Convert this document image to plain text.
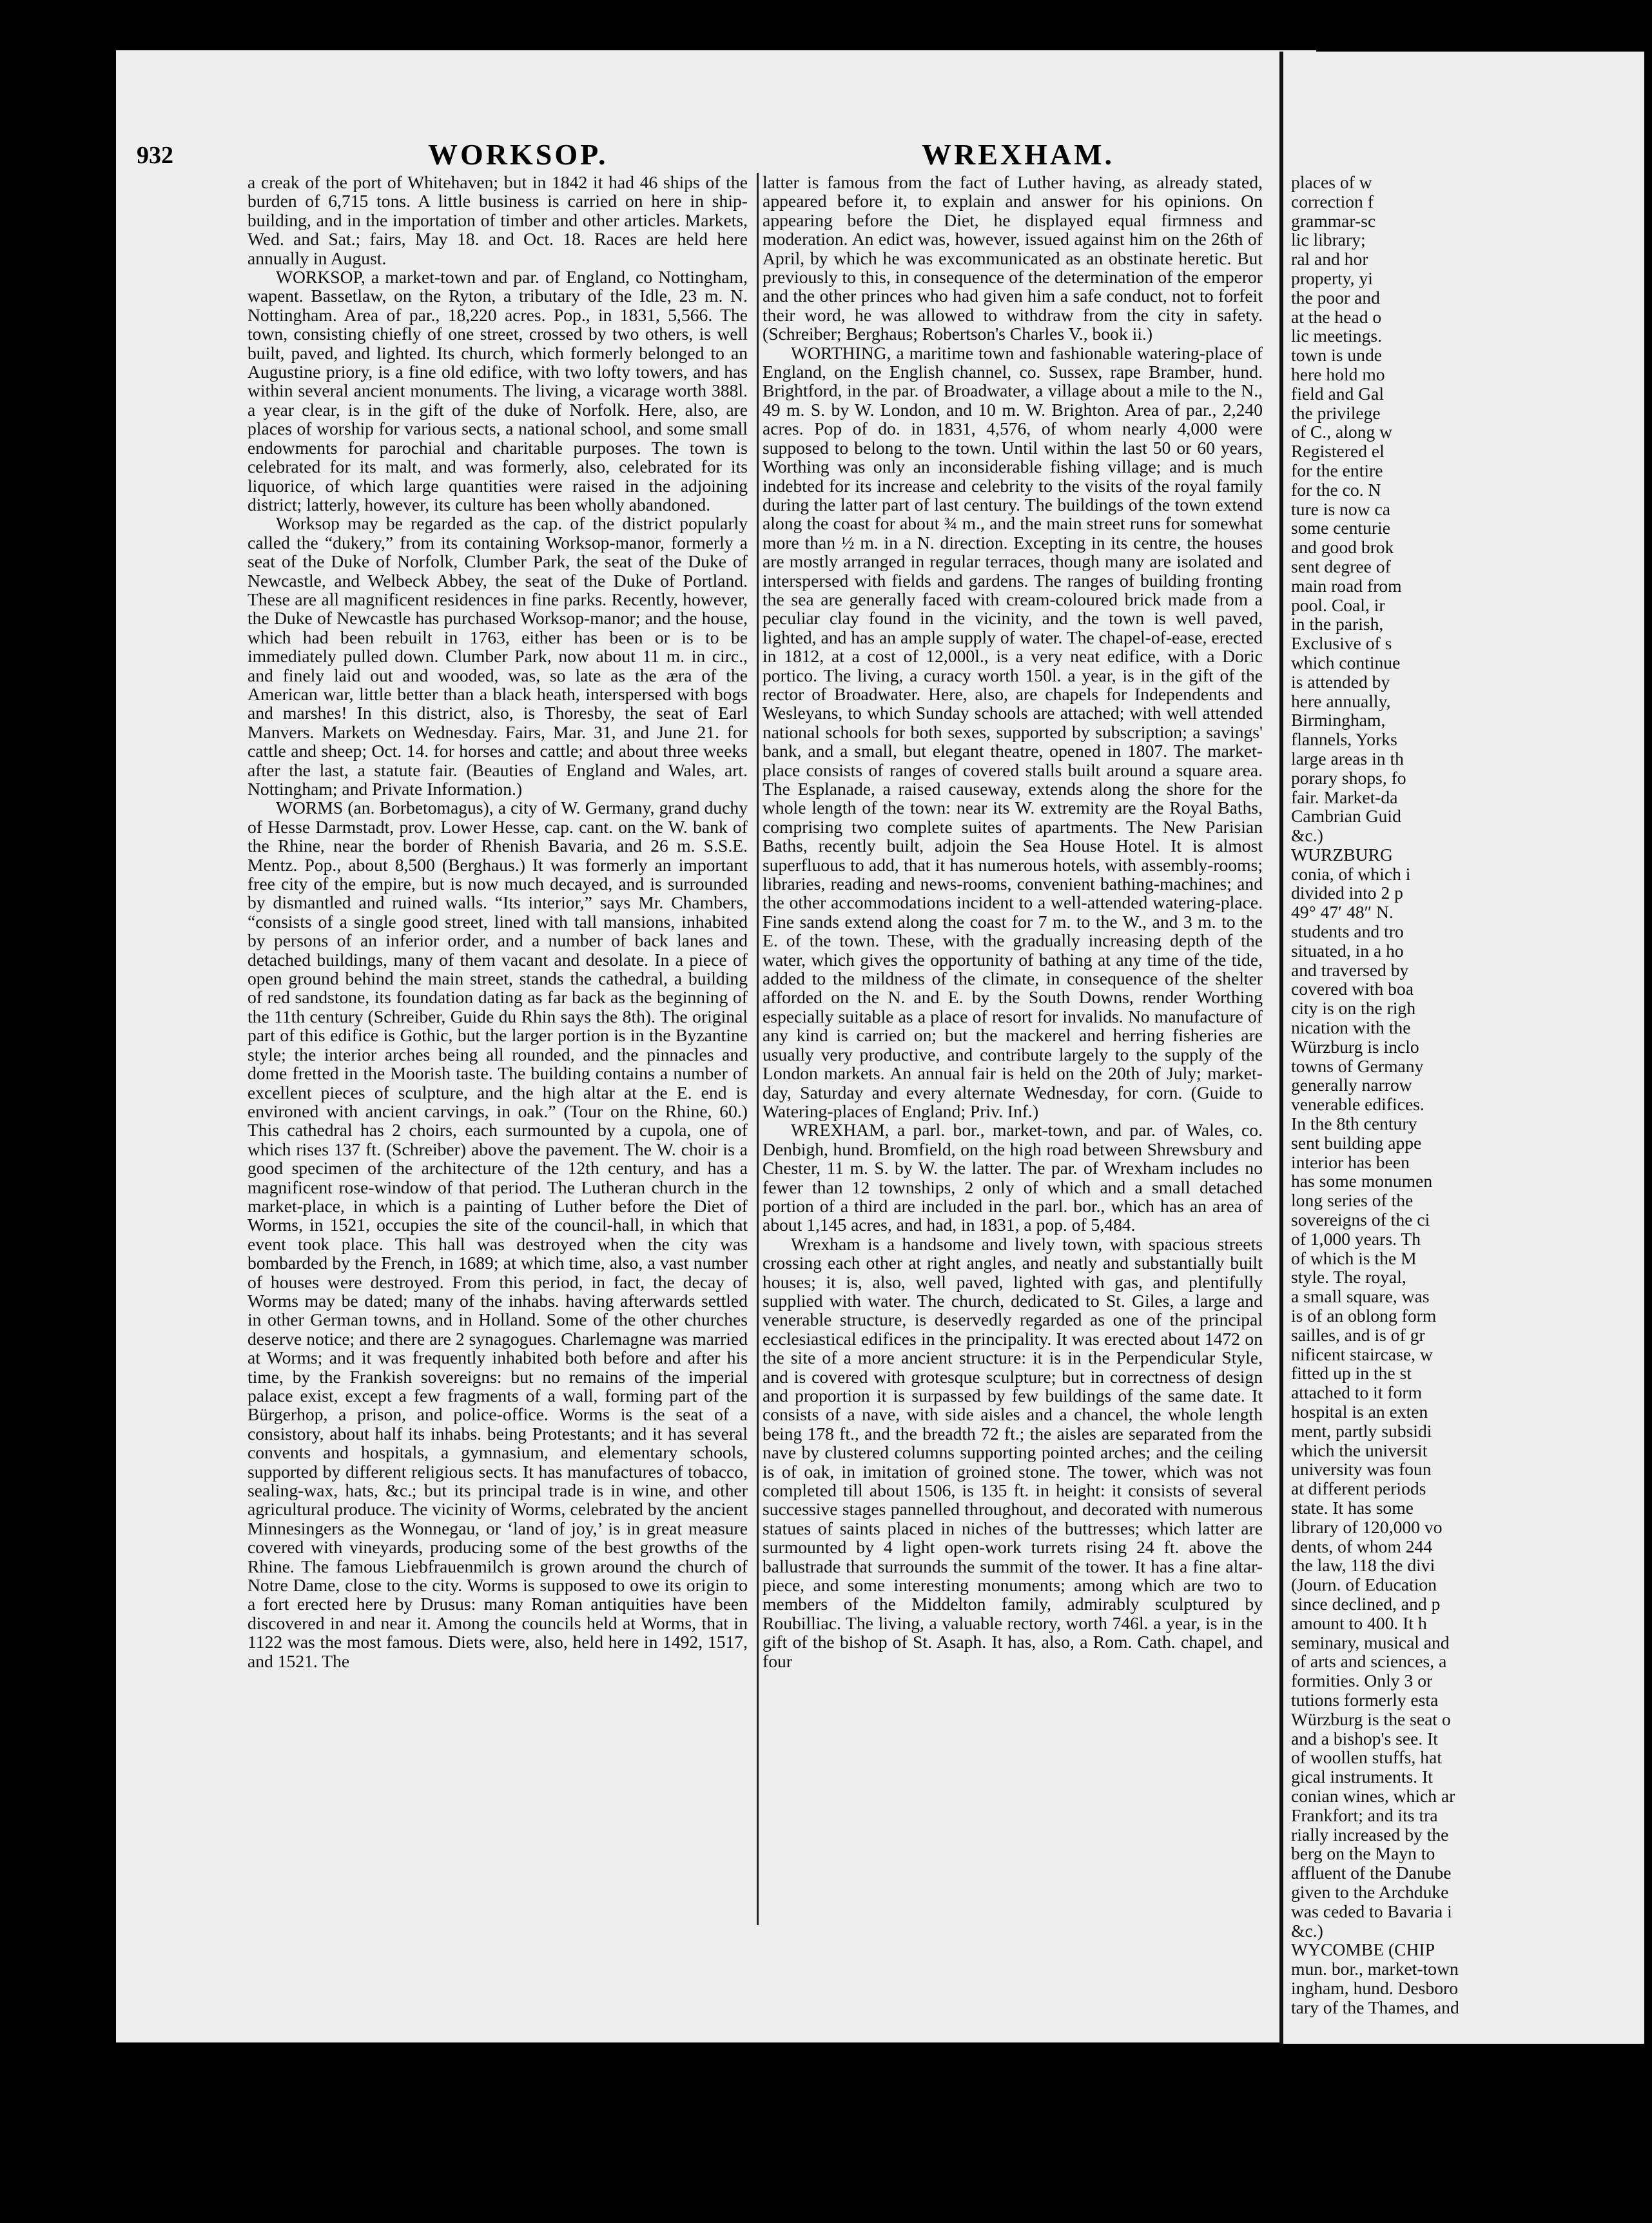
places of w
correction f
grammar-sc
lic library;
ral and hor
property, yi
the poor and
at the head o
lic meetings.
town is unde
here hold mo
field and Gal
the privilege
of C., along w
Registered el
for the entire
for the co. N
ture is now ca
some centurie
and good brok
sent degree of
main road from
pool. Coal, ir
in the parish,
Exclusive of s
which continue
is attended by
here annually,
Birmingham,
flannels, Yorks
large areas in th
porary shops, fo
fair. Market-da
Cambrian Guid
&c.)
WURZBURG
conia, of which i
divided into 2 p
49° 47′ 48″ N.
students and tro
situated, in a ho
and traversed by
covered with boa
city is on the righ
nication with the
Würzburg is inclo
towns of Germany
generally narrow
venerable edifices.
In the 8th century
sent building appe
interior has been
has some monumen
long series of the
sovereigns of the ci
of 1,000 years. Th
of which is the M
style. The royal,
a small square, was
is of an oblong form
sailles, and is of gr
nificent staircase, w
fitted up in the st
attached to it form
hospital is an exten
ment, partly subsidi
which the universit
university was foun
at different periods
state. It has some
library of 120,000 vo
dents, of whom 244
the law, 118 the divi
(Journ. of Education
since declined, and p
amount to 400. It h
seminary, musical and
of arts and sciences, a
formities. Only 3 or
tutions formerly esta
Würzburg is the seat o
and a bishop's see. It
of woollen stuffs, hat
gical instruments. It
conian wines, which ar
Frankfort; and its tra
rially increased by the
berg on the Mayn to
affluent of the Danube
given to the Archduke
was ceded to Bavaria i
&c.)
WYCOMBE (CHIP
mun. bor., market-town
ingham, hund. Desboro
tary of the Thames, and
932	WORKSOP.	WREXHAM.

a creak of the port of Whitehaven; but in 1842 it had 46 ships of the burden of 6,715 tons. A little business is carried on here in ship-building, and in the importation of timber and other articles. Markets, Wed. and Sat.; fairs, May 18. and Oct. 18. Races are held here annually in August.

WORKSOP, a market-town and par. of England, co Nottingham, wapent. Bassetlaw, on the Ryton, a tributary of the Idle, 23 m. N. Nottingham. Area of par., 18,220 acres. Pop., in 1831, 5,566. The town, consisting chiefly of one street, crossed by two others, is well built, paved, and lighted. Its church, which formerly belonged to an Augustine priory, is a fine old edifice, with two lofty towers, and has within several ancient monuments. The living, a vicarage worth 388l. a year clear, is in the gift of the duke of Norfolk. Here, also, are places of worship for various sects, a national school, and some small endowments for parochial and charitable purposes. The town is celebrated for its malt, and was formerly, also, celebrated for its liquorice, of which large quantities were raised in the adjoining district; latterly, however, its culture has been wholly abandoned.

Worksop may be regarded as the cap. of the district popularly called the “dukery,” from its containing Worksop-manor, formerly a seat of the Duke of Norfolk, Clumber Park, the seat of the Duke of Newcastle, and Welbeck Abbey, the seat of the Duke of Portland. These are all magnificent residences in fine parks. Recently, however, the Duke of Newcastle has purchased Worksop-manor; and the house, which had been rebuilt in 1763, either has been or is to be immediately pulled down. Clumber Park, now about 11 m. in circ., and finely laid out and wooded, was, so late as the æra of the American war, little better than a black heath, interspersed with bogs and marshes! In this district, also, is Thoresby, the seat of Earl Manvers. Markets on Wednesday. Fairs, Mar. 31, and June 21. for cattle and sheep; Oct. 14. for horses and cattle; and about three weeks after the last, a statute fair. (Beauties of England and Wales, art. Nottingham; and Private Information.)

WORMS (an. Borbetomagus), a city of W. Germany, grand duchy of Hesse Darmstadt, prov. Lower Hesse, cap. cant. on the W. bank of the Rhine, near the border of Rhenish Bavaria, and 26 m. S.S.E. Mentz. Pop., about 8,500 (Berghaus.) It was formerly an important free city of the empire, but is now much decayed, and is surrounded by dismantled and ruined walls. “Its interior,” says Mr. Chambers, “consists of a single good street, lined with tall mansions, inhabited by persons of an inferior order, and a number of back lanes and detached buildings, many of them vacant and desolate. In a piece of open ground behind the main street, stands the cathedral, a building of red sandstone, its foundation dating as far back as the beginning of the 11th century (Schreiber, Guide du Rhin says the 8th). The original part of this edifice is Gothic, but the larger portion is in the Byzantine style; the interior arches being all rounded, and the pinnacles and dome fretted in the Moorish taste. The building contains a number of excellent pieces of sculpture, and the high altar at the E. end is environed with ancient carvings, in oak.” (Tour on the Rhine, 60.) This cathedral has 2 choirs, each surmounted by a cupola, one of which rises 137 ft. (Schreiber) above the pavement. The W. choir is a good specimen of the architecture of the 12th century, and has a magnificent rose-window of that period. The Lutheran church in the market-place, in which is a painting of Luther before the Diet of Worms, in 1521, occupies the site of the council-hall, in which that event took place. This hall was destroyed when the city was bombarded by the French, in 1689; at which time, also, a vast number of houses were destroyed. From this period, in fact, the decay of Worms may be dated; many of the inhabs. having afterwards settled in other German towns, and in Holland. Some of the other churches deserve notice; and there are 2 synagogues. Charlemagne was married at Worms; and it was frequently inhabited both before and after his time, by the Frankish sovereigns: but no remains of the imperial palace exist, except a few fragments of a wall, forming part of the Bürgerhop, a prison, and police-office. Worms is the seat of a consistory, about half its inhabs. being Protestants; and it has several convents and hospitals, a gymnasium, and elementary schools, supported by different religious sects. It has manufactures of tobacco, sealing-wax, hats, &c.; but its principal trade is in wine, and other agricultural produce. The vicinity of Worms, celebrated by the ancient Minnesingers as the Wonnegau, or ‘land of joy,’ is in great measure covered with vineyards, producing some of the best growths of the Rhine. The famous Liebfrauenmilch is grown around the church of Notre Dame, close to the city. Worms is supposed to owe its origin to a fort erected here by Drusus: many Roman antiquities have been discovered in and near it. Among the councils held at Worms, that in 1122 was the most famous. Diets were, also, held here in 1492, 1517, and 1521. The

latter is famous from the fact of Luther having, as already stated, appeared before it, to explain and answer for his opinions. On appearing before the Diet, he displayed equal firmness and moderation. An edict was, however, issued against him on the 26th of April, by which he was excommunicated as an obstinate heretic. But previously to this, in consequence of the determination of the emperor and the other princes who had given him a safe conduct, not to forfeit their word, he was allowed to withdraw from the city in safety. (Schreiber; Berghaus; Robertson's Charles V., book ii.)

WORTHING, a maritime town and fashionable watering-place of England, on the English channel, co. Sussex, rape Bramber, hund. Brightford, in the par. of Broadwater, a village about a mile to the N., 49 m. S. by W. London, and 10 m. W. Brighton. Area of par., 2,240 acres. Pop of do. in 1831, 4,576, of whom nearly 4,000 were supposed to belong to the town. Until within the last 50 or 60 years, Worthing was only an inconsiderable fishing village; and is much indebted for its increase and celebrity to the visits of the royal family during the latter part of last century. The buildings of the town extend along the coast for about ¾ m., and the main street runs for somewhat more than ½ m. in a N. direction. Excepting in its centre, the houses are mostly arranged in regular terraces, though many are isolated and interspersed with fields and gardens. The ranges of building fronting the sea are generally faced with cream-coloured brick made from a peculiar clay found in the vicinity, and the town is well paved, lighted, and has an ample supply of water. The chapel-of-ease, erected in 1812, at a cost of 12,000l., is a very neat edifice, with a Doric portico. The living, a curacy worth 150l. a year, is in the gift of the rector of Broadwater. Here, also, are chapels for Independents and Wesleyans, to which Sunday schools are attached; with well attended national schools for both sexes, supported by subscription; a savings' bank, and a small, but elegant theatre, opened in 1807. The market-place consists of ranges of covered stalls built around a square area. The Esplanade, a raised causeway, extends along the shore for the whole length of the town: near its W. extremity are the Royal Baths, comprising two complete suites of apartments. The New Parisian Baths, recently built, adjoin the Sea House Hotel. It is almost superfluous to add, that it has numerous hotels, with assembly-rooms; libraries, reading and news-rooms, convenient bathing-machines; and the other accommodations incident to a well-attended watering-place. Fine sands extend along the coast for 7 m. to the W., and 3 m. to the E. of the town. These, with the gradually increasing depth of the water, which gives the opportunity of bathing at any time of the tide, added to the mildness of the climate, in consequence of the shelter afforded on the N. and E. by the South Downs, render Worthing especially suitable as a place of resort for invalids. No manufacture of any kind is carried on; but the mackerel and herring fisheries are usually very productive, and contribute largely to the supply of the London markets. An annual fair is held on the 20th of July; market-day, Saturday and every alternate Wednesday, for corn. (Guide to Watering-places of England; Priv. Inf.)

WREXHAM, a parl. bor., market-town, and par. of Wales, co. Denbigh, hund. Bromfield, on the high road between Shrewsbury and Chester, 11 m. S. by W. the latter. The par. of Wrexham includes no fewer than 12 townships, 2 only of which and a small detached portion of a third are included in the parl. bor., which has an area of about 1,145 acres, and had, in 1831, a pop. of 5,484.

Wrexham is a handsome and lively town, with spacious streets crossing each other at right angles, and neatly and substantially built houses; it is, also, well paved, lighted with gas, and plentifully supplied with water. The church, dedicated to St. Giles, a large and venerable structure, is deservedly regarded as one of the principal ecclesiastical edifices in the principality. It was erected about 1472 on the site of a more ancient structure: it is in the Perpendicular Style, and is covered with grotesque sculpture; but in correctness of design and proportion it is surpassed by few buildings of the same date. It consists of a nave, with side aisles and a chancel, the whole length being 178 ft., and the breadth 72 ft.; the aisles are separated from the nave by clustered columns supporting pointed arches; and the ceiling is of oak, in imitation of groined stone. The tower, which was not completed till about 1506, is 135 ft. in height: it consists of several successive stages pannelled throughout, and decorated with numerous statues of saints placed in niches of the buttresses; which latter are surmounted by 4 light open-work turrets rising 24 ft. above the ballustrade that surrounds the summit of the tower. It has a fine altar-piece, and some interesting monuments; among which are two to members of the Middelton family, admirably sculptured by Roubilliac. The living, a valuable rectory, worth 746l. a year, is in the gift of the bishop of St. Asaph. It has, also, a Rom. Cath. chapel, and four
